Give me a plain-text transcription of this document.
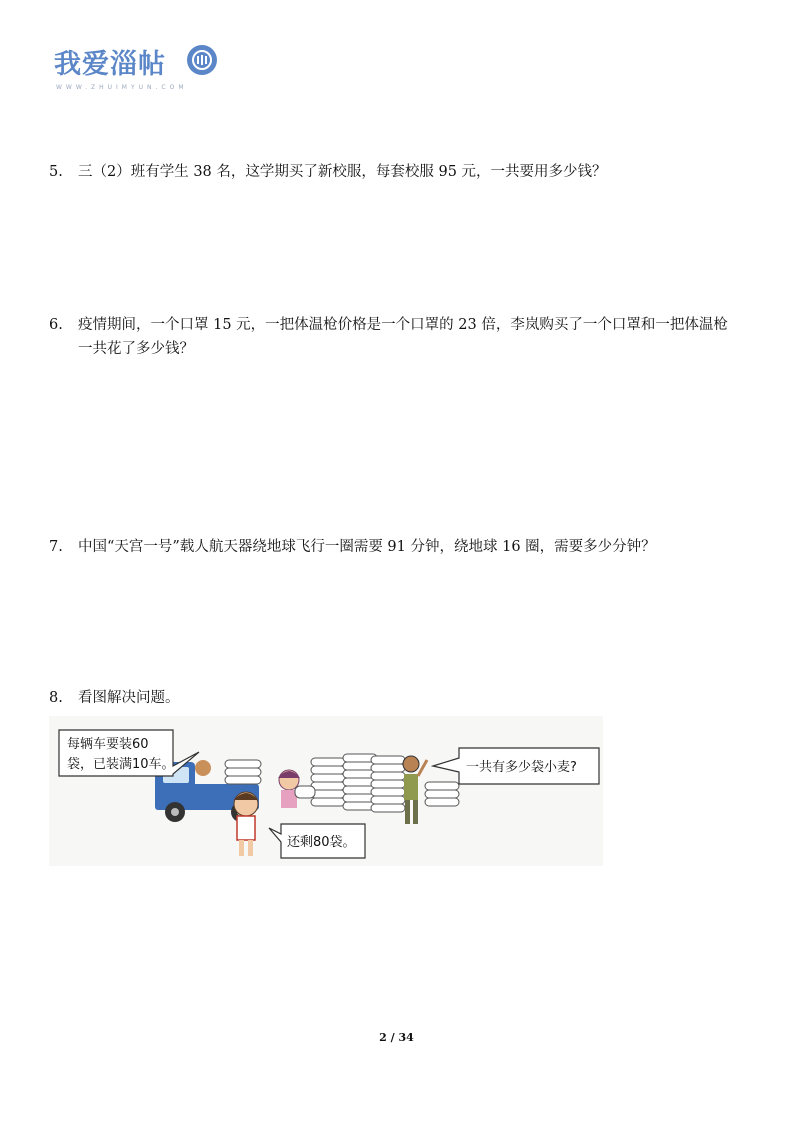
我爱淄帖
WWW.ZHUIMYUN.COM
5. 三（2）班有学生 38 名，这学期买了新校服，每套校服 95 元，一共要用多少钱？
6. 疫情期间，一个口罩 15 元，一把体温枪价格是一个口罩的 23 倍，李岚购买了一个口罩和一把体温枪一共花了多少钱？
7. 中国“天宫一号”载人航天器绕地球飞行一圈需要 91 分钟，绕地球 16 圈，需要多少分钟？
8. 看图解决问题。
每辆车要装60
袋，已装满10车。
还剩80袋。
一共有多少袋小麦?
2 / 34
